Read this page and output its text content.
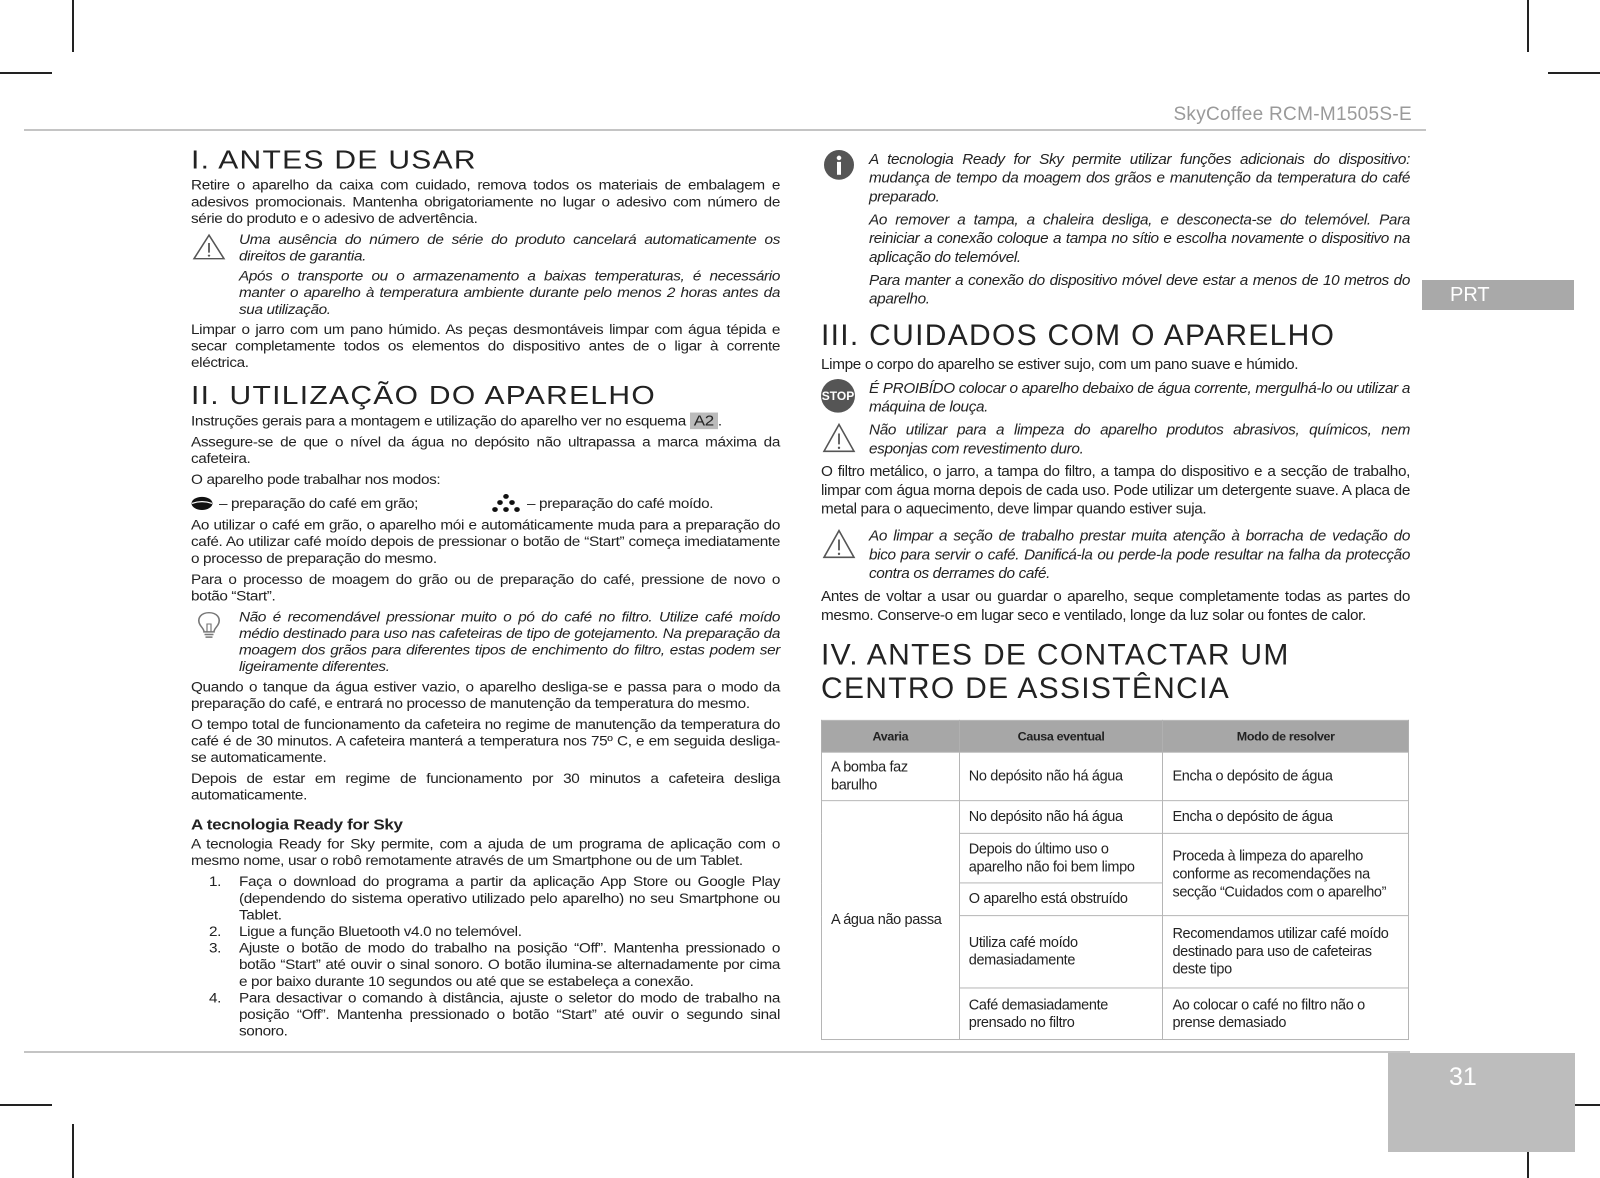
SkyCoffee RCM-M1505S-E
PRT
31
I. ANTES DE USAR

Retire o aparelho da caixa com cuidado, remova todos os materiais de embalagem e adesivos promocionais. Mantenha obrigatoriamente no lugar o adesivo com número de série do produto e o adesivo de advertência.

Uma ausência do número de série do produto cancelará automaticamente os direitos de garantia.

Após o transporte ou o armazenamento a baixas temperaturas, é necessário manter o aparelho à temperatura ambiente durante pelo menos 2 horas antes da sua utilização.

Limpar o jarro com um pano húmido. As peças desmontáveis limpar com água tépida e secar completamente todos os elementos do dispositivo antes de o ligar à corrente eléctrica.

II. UTILIZAÇÃO DO APARELHO

Instruções gerais para a montagem e utilização do aparelho ver no esquema A2 .

Assegure-se de que o nível da água no depósito não ultrapassa a marca máxima da cafeteira.

O aparelho pode trabalhar nos modos:

– preparação do café em grão;	– preparação do café moído.

Ao utilizar o café em grão, o aparelho mói e automáticamente muda para a preparação do café. Ao utilizar café moído depois de pressionar o botão de “Start” começa imediatamente o processo de preparação do mesmo.

Para o processo de moagem do grão ou de preparação do café, pressione de novo o botão “Start”.

Não é recomendável pressionar muito o pó do café no filtro. Utilize café moído médio destinado para uso nas cafeteiras de tipo de gotejamento. Na preparação da moagem dos grãos para diferentes tipos de enchimento do filtro, estas podem ser ligeiramente diferentes.

Quando o tanque da água estiver vazio, o aparelho desliga-se e passa para o modo da preparação do café, e entrará no processo de manutenção da temperatura do mesmo.

O tempo total de funcionamento da cafeteira no regime de manutenção da temperatura do café é de 30 minutos. A cafeteira manterá a temperatura nos 75º C, e em seguida desliga-se automaticamente.

Depois de estar em regime de funcionamento por 30 minutos a cafeteira desliga automaticamente.

A tecnologia Ready for Sky

A tecnologia Ready for Sky permite, com a ajuda de um programa de aplicação com o mesmo nome, usar o robô remotamente através de um Smartphone ou de um Tablet.

1. Faça o download do programa a partir da aplicação App Store ou Google Play (dependendo do sistema operativo utilizado pelo aparelho) no seu Smartphone ou Tablet.
2. Ligue a função Bluetooth v4.0 no telemóvel.
3. Ajuste o botão de modo do trabalho na posição “Off”. Mantenha pressionado o botão “Start” até ouvir o sinal sonoro. O botão ilumina-se alternadamente por cima e por baixo durante 10 segundos ou até que se estabeleça a conexão.
4. Para desactivar o comando à distância, ajuste o seletor do modo de trabalho na posição “Off”. Mantenha pressionado o botão “Start” até ouvir o segundo sinal sonoro.

A tecnologia Ready for Sky permite utilizar funções adicionais do dispositivo: mudança de tempo da moagem dos grãos e manutenção da temperatura do café preparado.

Ao remover a tampa, a chaleira desliga, e desconecta-se do telemóvel. Para reiniciar a conexão coloque a tampa no sítio e escolha novamente o dispositivo na aplicação do telemóvel.

Para manter a conexão do dispositivo móvel deve estar a menos de 10 metros do aparelho.

III. CUIDADOS COM O APARELHO

Limpe o corpo do aparelho se estiver sujo, com um pano suave e húmido.

STOP É PROIBÍDO colocar o aparelho debaixo de água corrente, mergulhá-lo ou utilizar a máquina de louça.

Não utilizar para a limpeza do aparelho produtos abrasivos, químicos, nem esponjas com revestimento duro.

O filtro metálico, o jarro, a tampa do filtro, a tampa do dispositivo e a secção de trabalho, limpar com água morna depois de cada uso. Pode utilizar um detergente suave. A placa de metal para o aquecimento, deve limpar quando estiver suja.

Ao limpar a seção de trabalho prestar muita atenção à borracha de vedação do bico para servir o café. Danificá-la ou perde-la pode resultar na falha da protecção contra os derrames do café.

Antes de voltar a usar ou guardar o aparelho, seque completamente todas as partes do mesmo. Conserve-o em lugar seco e ventilado, longe da luz solar ou fontes de calor.

IV. ANTES DE CONTACTAR UM CENTRO DE ASSISTÊNCIA
Avaria	Causa eventual	Modo de resolver
A bomba faz barulho	No depósito não há água	Encha o depósito de água
A água não passa	No depósito não há água	Encha o depósito de água
	Depois do último uso o aparelho não foi bem limpo	Proceda à limpeza do aparelho conforme as recomendações na secção “Cuidados com o aparelho”
	O aparelho está obstruído	
	Utiliza café moído demasiadamente	Recomendamos utilizar café moído destinado para uso de cafeteiras deste tipo
	Café demasiadamente prensado no filtro	Ao colocar o café no filtro não o prense demasiado
